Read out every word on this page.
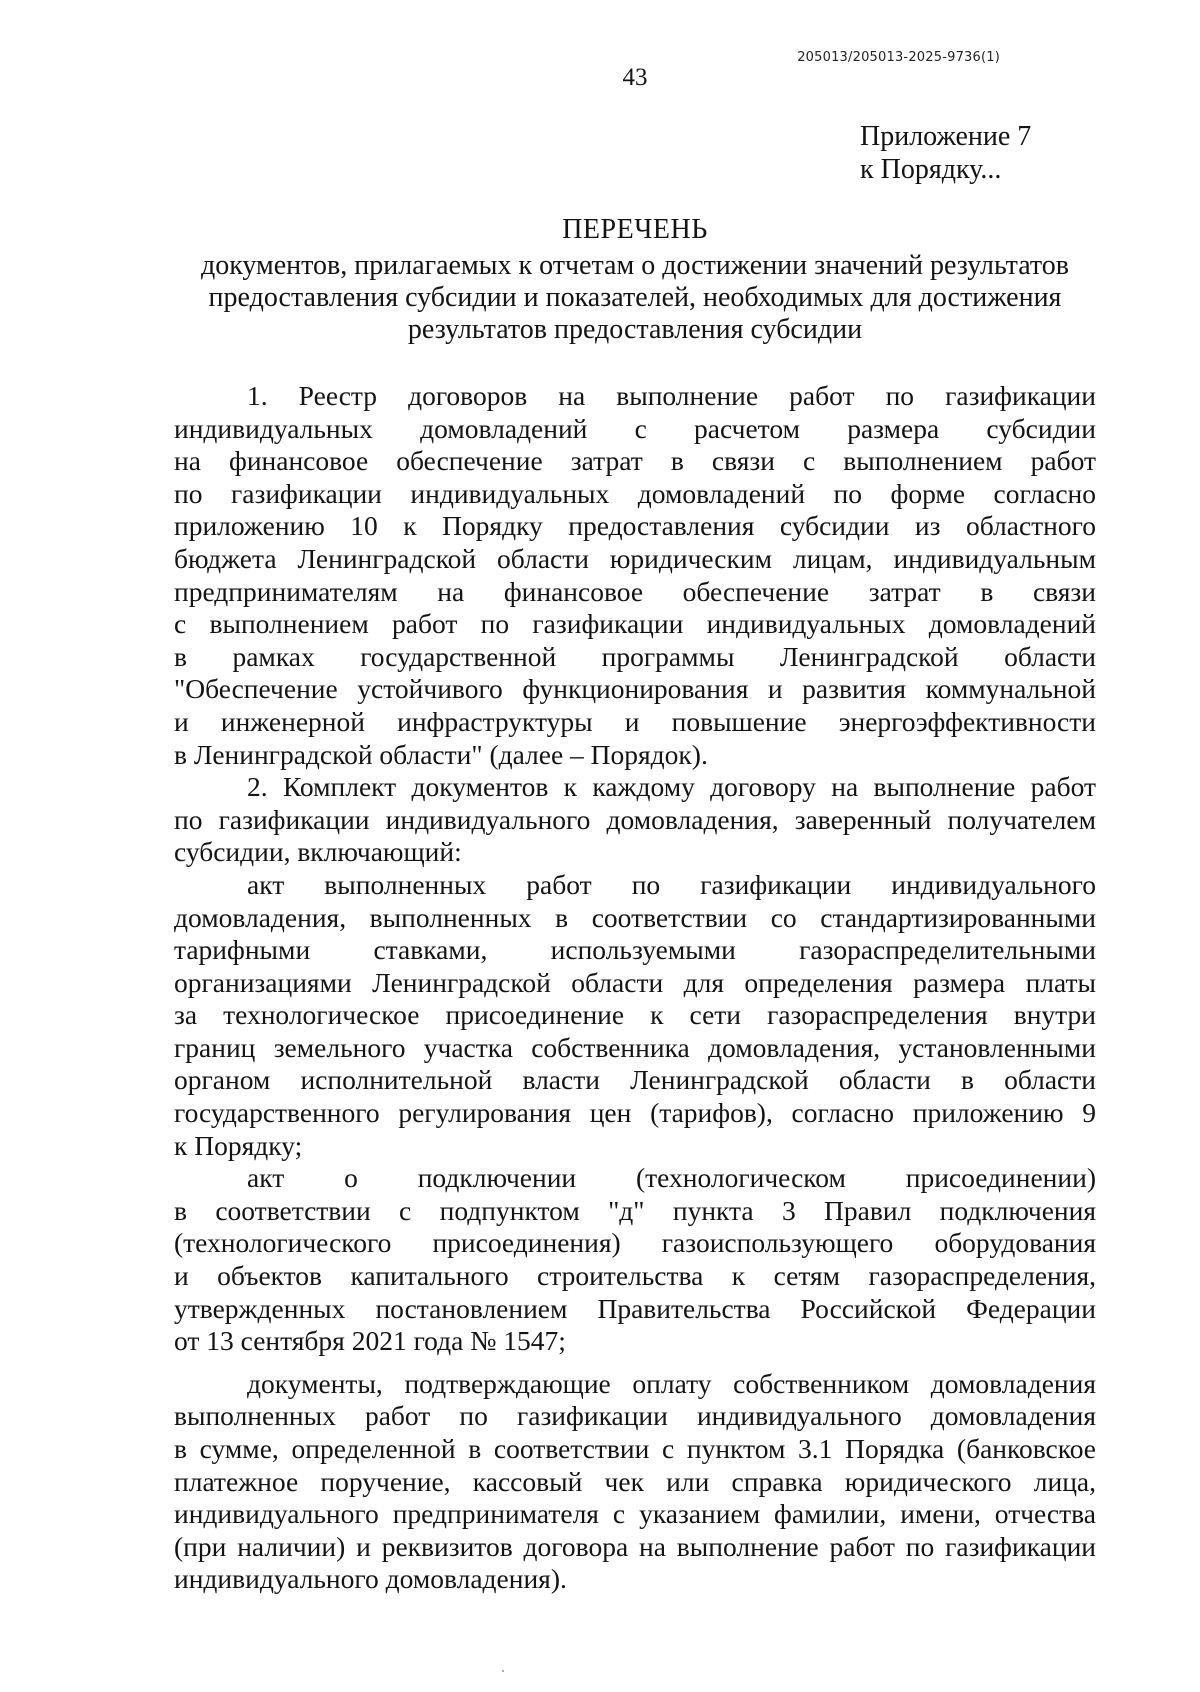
205013/205013-2025-9736(1)
43
Приложение 7
к Порядку...
ПЕРЕЧЕНЬ
документов, прилагаемых к отчетам о достижении значений результатов
предоставления субсидии и показателей, необходимых для достижения
результатов предоставления субсидии
1. Реестр договоров на выполнение работ по газификации
индивидуальных домовладений с расчетом размера субсидии
на финансовое обеспечение затрат в связи с выполнением работ
по газификации индивидуальных домовладений по форме согласно
приложению 10 к Порядку предоставления субсидии из областного
бюджета Ленинградской области юридическим лицам, индивидуальным
предпринимателям на финансовое обеспечение затрат в связи
с выполнением работ по газификации индивидуальных домовладений
в рамках государственной программы Ленинградской области
"Обеспечение устойчивого функционирования и развития коммунальной
и инженерной инфраструктуры и повышение энергоэффективности
в Ленинградской области" (далее – Порядок).
2. Комплект документов к каждому договору на выполнение работ
по газификации индивидуального домовладения, заверенный получателем
субсидии, включающий:
акт выполненных работ по газификации индивидуального
домовладения, выполненных в соответствии со стандартизированными
тарифными ставками, используемыми газораспределительными
организациями Ленинградской области для определения размера платы
за технологическое присоединение к сети газораспределения внутри
границ земельного участка собственника домовладения, установленными
органом исполнительной власти Ленинградской области в области
государственного регулирования цен (тарифов), согласно приложению 9
к Порядку;
акт о подключении (технологическом присоединении)
в соответствии с подпунктом "д" пункта 3 Правил подключения
(технологического присоединения) газоиспользующего оборудования
и объектов капитального строительства к сетям газораспределения,
утвержденных постановлением Правительства Российской Федерации
от 13 сентября 2021 года № 1547;
документы, подтверждающие оплату собственником домовладения
выполненных работ по газификации индивидуального домовладения
в сумме, определенной в соответствии с пунктом 3.1 Порядка (банковское
платежное поручение, кассовый чек или справка юридического лица,
индивидуального предпринимателя с указанием фамилии, имени, отчества
(при наличии) и реквизитов договора на выполнение работ по газификации
индивидуального домовладения).
